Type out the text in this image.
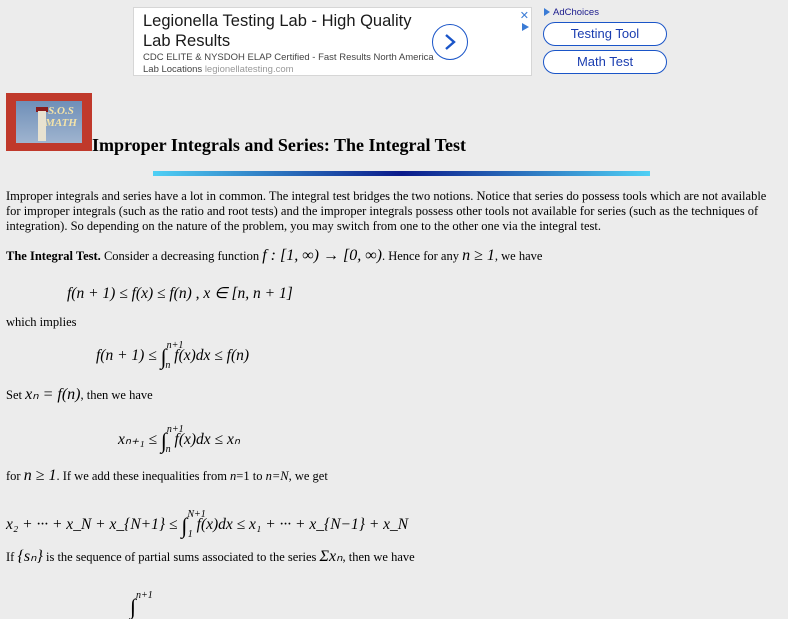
Legionella Testing Lab - High Quality Lab Results
CDC ELITE & NYSDOH ELAP Certified - Fast Results North America Lab Locations legionellatesting.com
✕	AdChoices
Testing Tool
Math Test
S.O.S MATH
Improper Integrals and Series: The Integral Test
Improper integrals and series have a lot in common. The integral test bridges the two notions. Notice that series do possess tools which are not available for improper integrals (such as the ratio and root tests) and the improper integrals possess other tools not available for series (such as the techniques of integration). So depending on the nature of the problem, you may switch from one to the other one via the integral test.
The Integral Test. Consider a decreasing function f : [1, ∞) → [0, ∞). Hence for any n ≥ 1, we have
f(n + 1) ≤ f(x) ≤ f(n) , x ∈ [n, n + 1]
which implies
f(n + 1) ≤ ∫$^{n+1}_n$ f(x)dx ≤ f(n)
Set xₙ = f(n), then we have
xₙ₊₁ ≤ ∫$^{n+1}_n$ f(x)dx ≤ xₙ
for n ≥ 1. If we add these inequalities from n=1 to n=N, we get
x₂ + ··· + x_N + x_{N+1} ≤ ∫$^{N+1}_1$ f(x)dx ≤ x₁ + ··· + x_{N−1} + x_N
If {sₙ} is the sequence of partial sums associated to the series Σxₙ, then we have
∫$^{n+1}$
